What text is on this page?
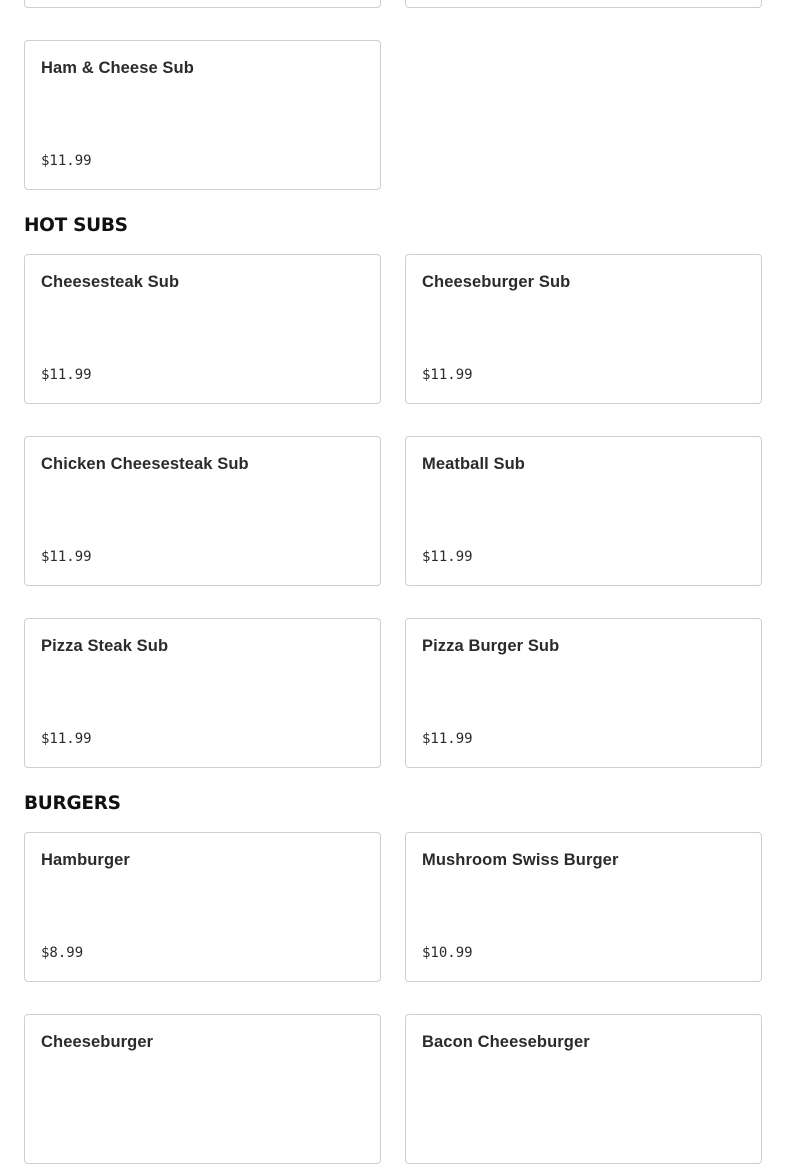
Ham & Cheese Sub
$11.99
HOT SUBS
Cheesesteak Sub
$11.99
Cheeseburger Sub
$11.99
Chicken Cheesesteak Sub
$11.99
Meatball Sub
$11.99
Pizza Steak Sub
$11.99
Pizza Burger Sub
$11.99
BURGERS
Hamburger
$8.99
Mushroom Swiss Burger
$10.99
Cheeseburger	Bacon Cheeseburger
